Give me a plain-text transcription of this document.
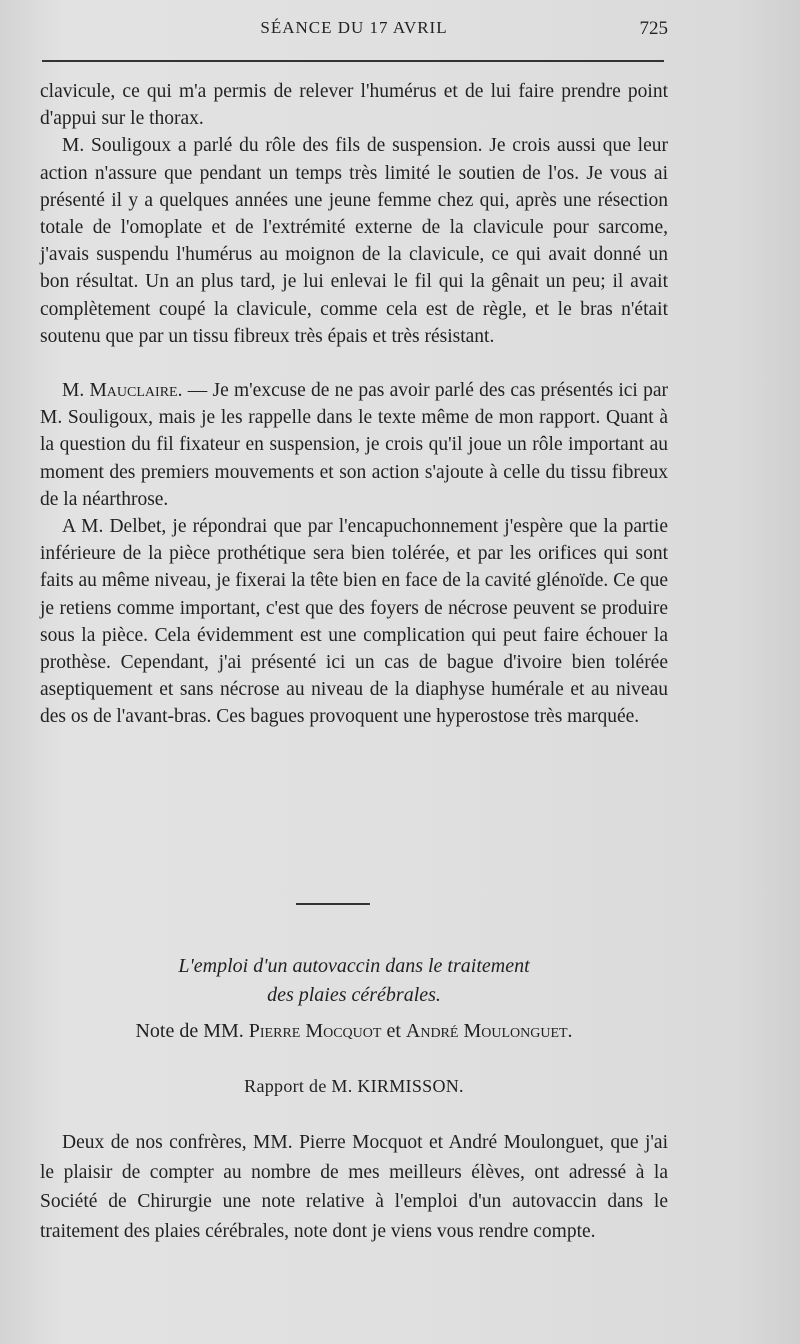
SÉANCE DU 17 AVRIL	725

clavicule, ce qui m'a permis de relever l'humérus et de lui faire prendre point d'appui sur le thorax.

M. Souligoux a parlé du rôle des fils de suspension. Je crois aussi que leur action n'assure que pendant un temps très limité le soutien de l'os. Je vous ai présenté il y a quelques années une jeune femme chez qui, après une résection totale de l'omoplate et de l'extrémité externe de la clavicule pour sarcome, j'avais suspendu l'humérus au moignon de la clavicule, ce qui avait donné un bon résultat. Un an plus tard, je lui enlevai le fil qui la gênait un peu; il avait complètement coupé la clavicule, comme cela est de règle, et le bras n'était soutenu que par un tissu fibreux très épais et très résistant.

M. Mauclaire. — Je m'excuse de ne pas avoir parlé des cas présentés ici par M. Souligoux, mais je les rappelle dans le texte même de mon rapport. Quant à la question du fil fixateur en suspension, je crois qu'il joue un rôle important au moment des premiers mouvements et son action s'ajoute à celle du tissu fibreux de la néarthrose.

A M. Delbet, je répondrai que par l'encapuchonnement j'espère que la partie inférieure de la pièce prothétique sera bien tolérée, et par les orifices qui sont faits au même niveau, je fixerai la tête bien en face de la cavité glénoïde. Ce que je retiens comme important, c'est que des foyers de nécrose peuvent se produire sous la pièce. Cela évidemment est une complication qui peut faire échouer la prothèse. Cependant, j'ai présenté ici un cas de bague d'ivoire bien tolérée aseptiquement et sans nécrose au niveau de la diaphyse humérale et au niveau des os de l'avant-bras. Ces bagues provoquent une hyperostose très marquée.

L'emploi d'un autovaccin dans le traitement
des plaies cérébrales.
Note de MM. Pierre Mocquot et André Moulonguet.
Rapport de M. KIRMISSON.

Deux de nos confrères, MM. Pierre Mocquot et André Moulonguet, que j'ai le plaisir de compter au nombre de mes meilleurs élèves, ont adressé à la Société de Chirurgie une note relative à l'emploi d'un autovaccin dans le traitement des plaies cérébrales, note dont je viens vous rendre compte.
